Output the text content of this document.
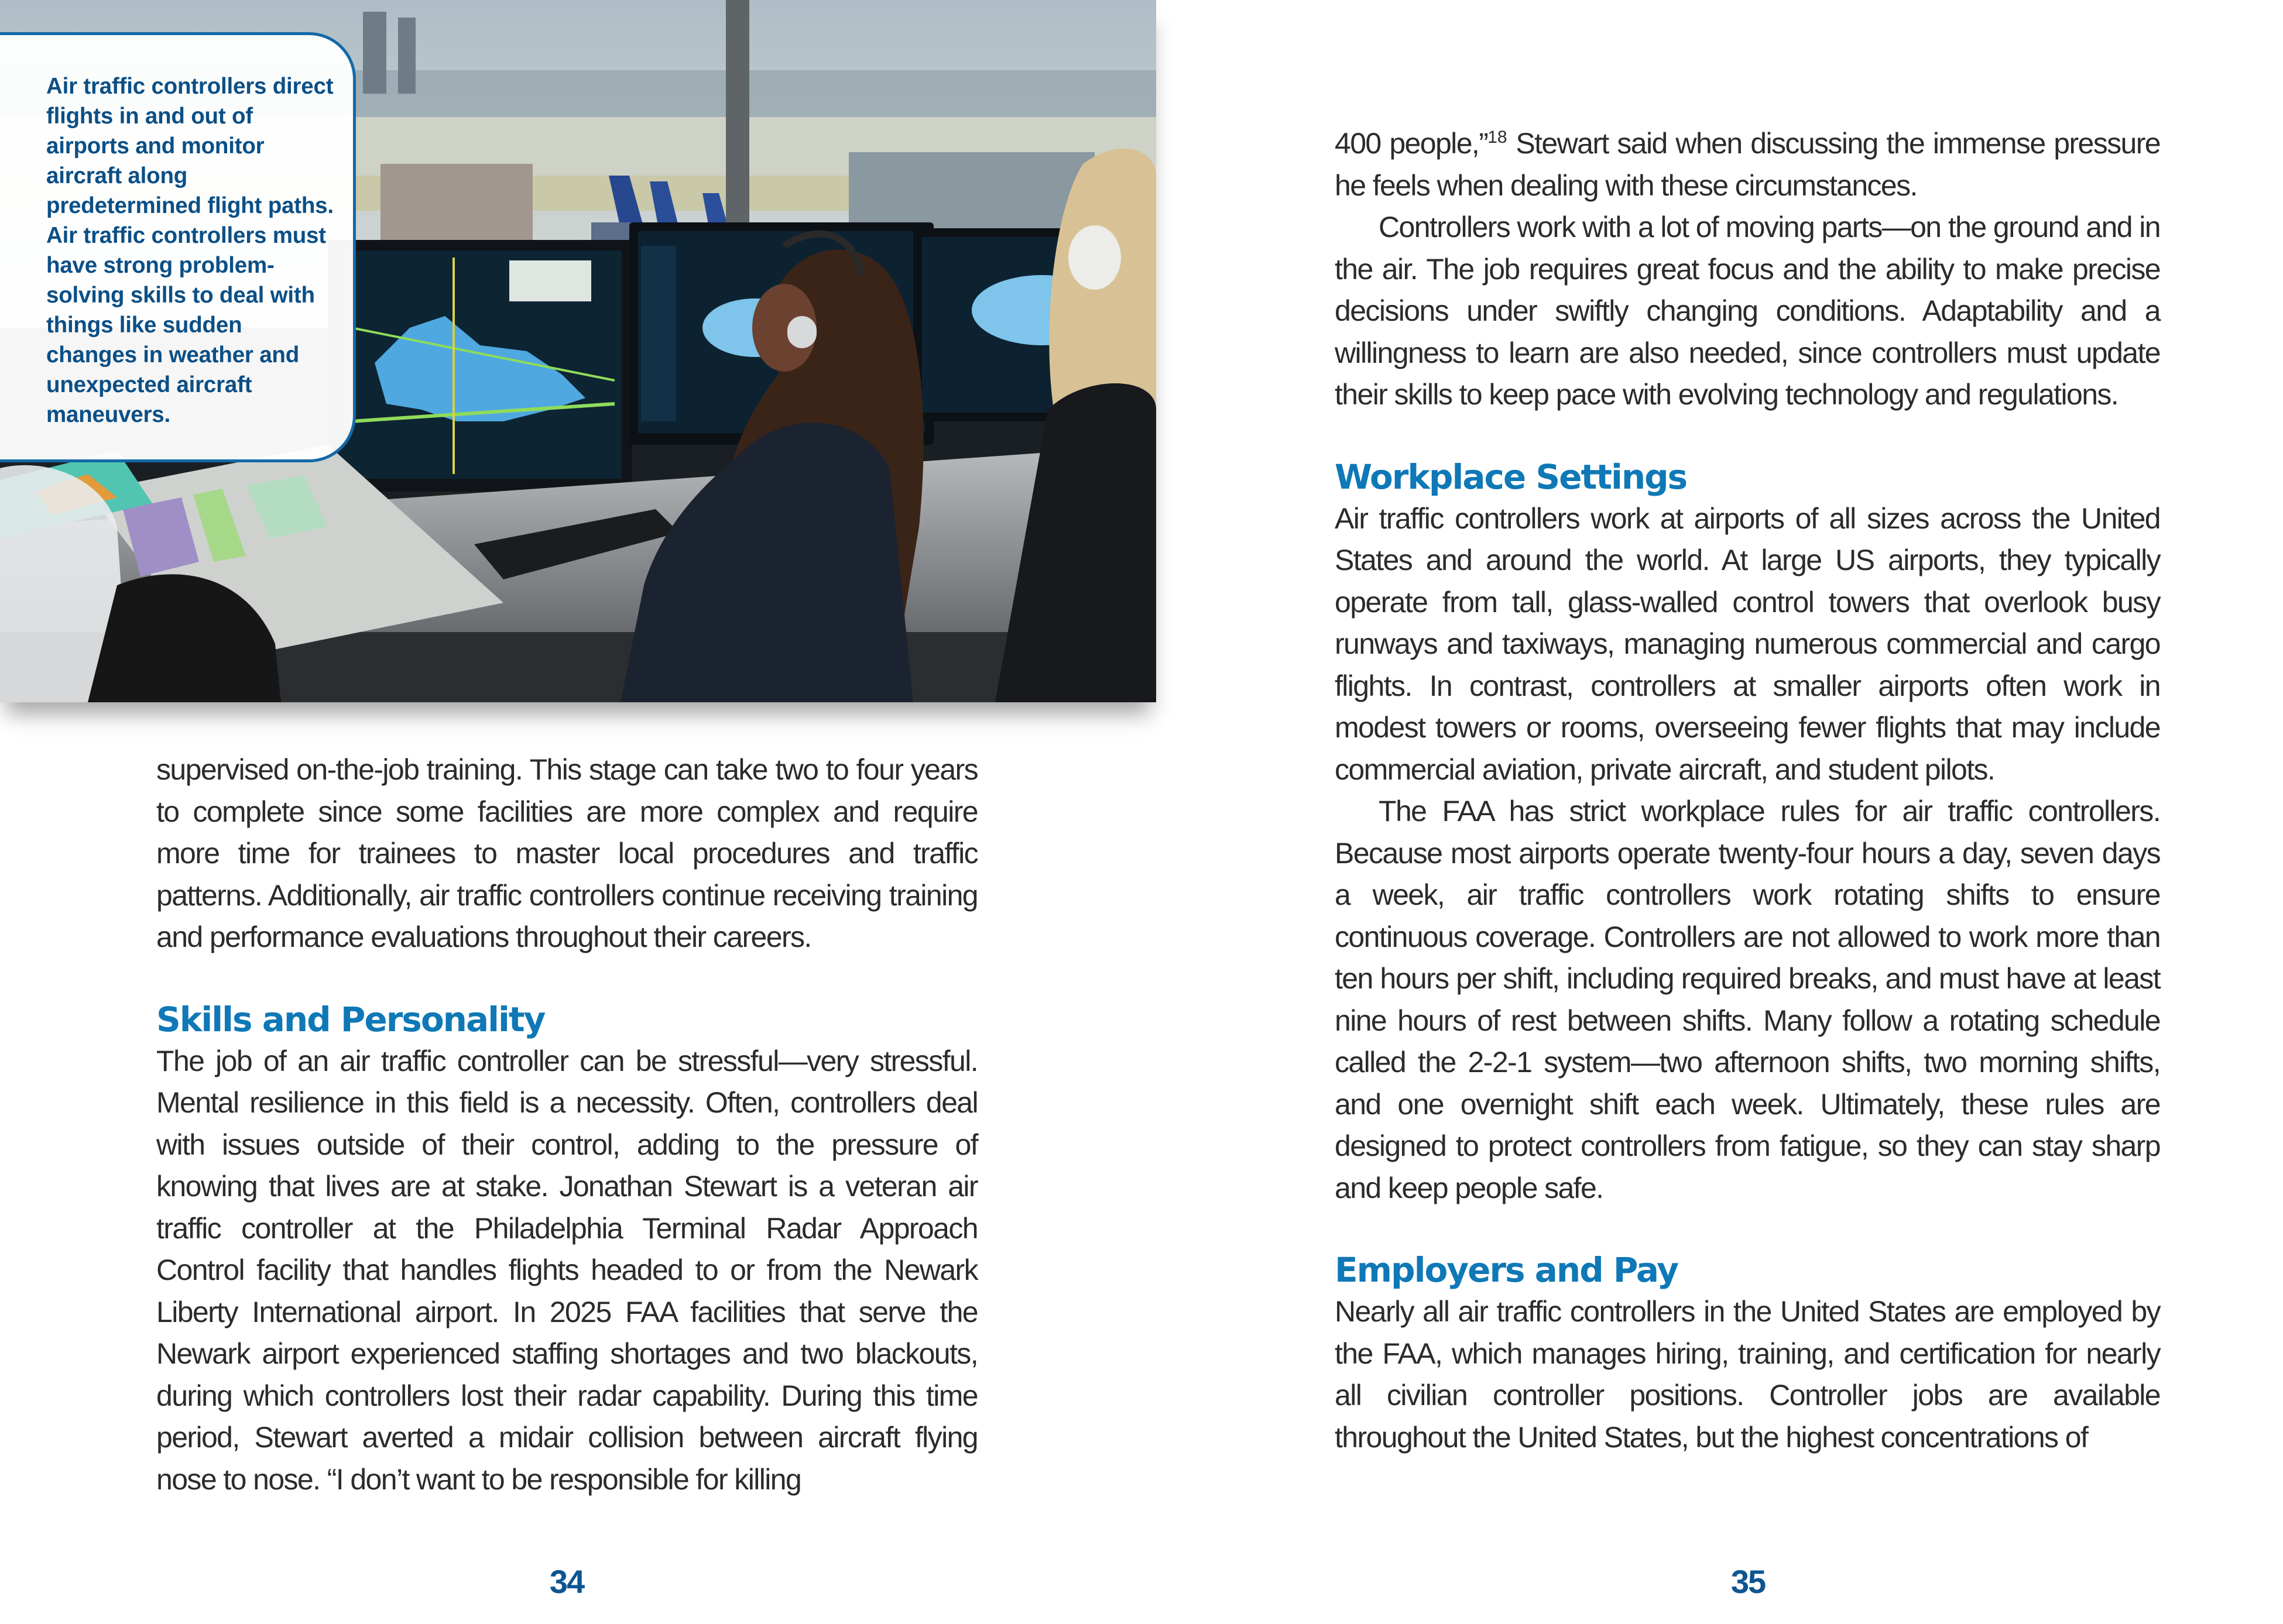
Air traffic controllers direct flights in and out of airports and monitor aircraft along predetermined flight paths. Air traffic controllers must have strong problem-solving skills to deal with things like sudden changes in weather and unexpected aircraft maneuvers.

supervised on-the-job training. This stage can take two to four years to complete since some facilities are more complex and require more time for trainees to master local procedures and traffic patterns. Additionally, air traffic controllers continue receiving training and performance evaluations throughout their careers.

Skills and Personality

The job of an air traffic controller can be stressful—very stressful. Mental resilience in this field is a necessity. Often, controllers deal with issues outside of their control, adding to the pressure of knowing that lives are at stake. Jonathan Stewart is a veteran air traffic controller at the Philadelphia Terminal Radar Approach Control facility that handles flights headed to or from the Newark Liberty International airport. In 2025 FAA facilities that serve the Newark airport experienced staffing shortages and two blackouts, during which controllers lost their radar capability. During this time period, Stewart averted a midair collision between aircraft flying nose to nose. “I don’t want to be responsible for killing

34

400 people,”$^{18}$ Stewart said when discussing the immense pressure he feels when dealing with these circumstances.

Controllers work with a lot of moving parts—on the ground and in the air. The job requires great focus and the ability to make precise decisions under swiftly changing conditions. Adaptability and a willingness to learn are also needed, since controllers must update their skills to keep pace with evolving technology and regulations.

Workplace Settings

Air traffic controllers work at airports of all sizes across the United States and around the world. At large US airports, they typically operate from tall, glass-walled control towers that overlook busy runways and taxiways, managing numerous commercial and cargo flights. In contrast, controllers at smaller airports often work in modest towers or rooms, overseeing fewer flights that may include commercial aviation, private aircraft, and student pilots.

The FAA has strict workplace rules for air traffic controllers. Because most airports operate twenty-four hours a day, seven days a week, air traffic controllers work rotating shifts to ensure continuous coverage. Controllers are not allowed to work more than ten hours per shift, including required breaks, and must have at least nine hours of rest between shifts. Many follow a rotating schedule called the 2-2-1 system—two afternoon shifts, two morning shifts, and one overnight shift each week. Ultimately, these rules are designed to protect controllers from fatigue, so they can stay sharp and keep people safe.

Employers and Pay

Nearly all air traffic controllers in the United States are employed by the FAA, which manages hiring, training, and certification for nearly all civilian controller positions. Controller jobs are available throughout the United States, but the highest concentrations of

35
